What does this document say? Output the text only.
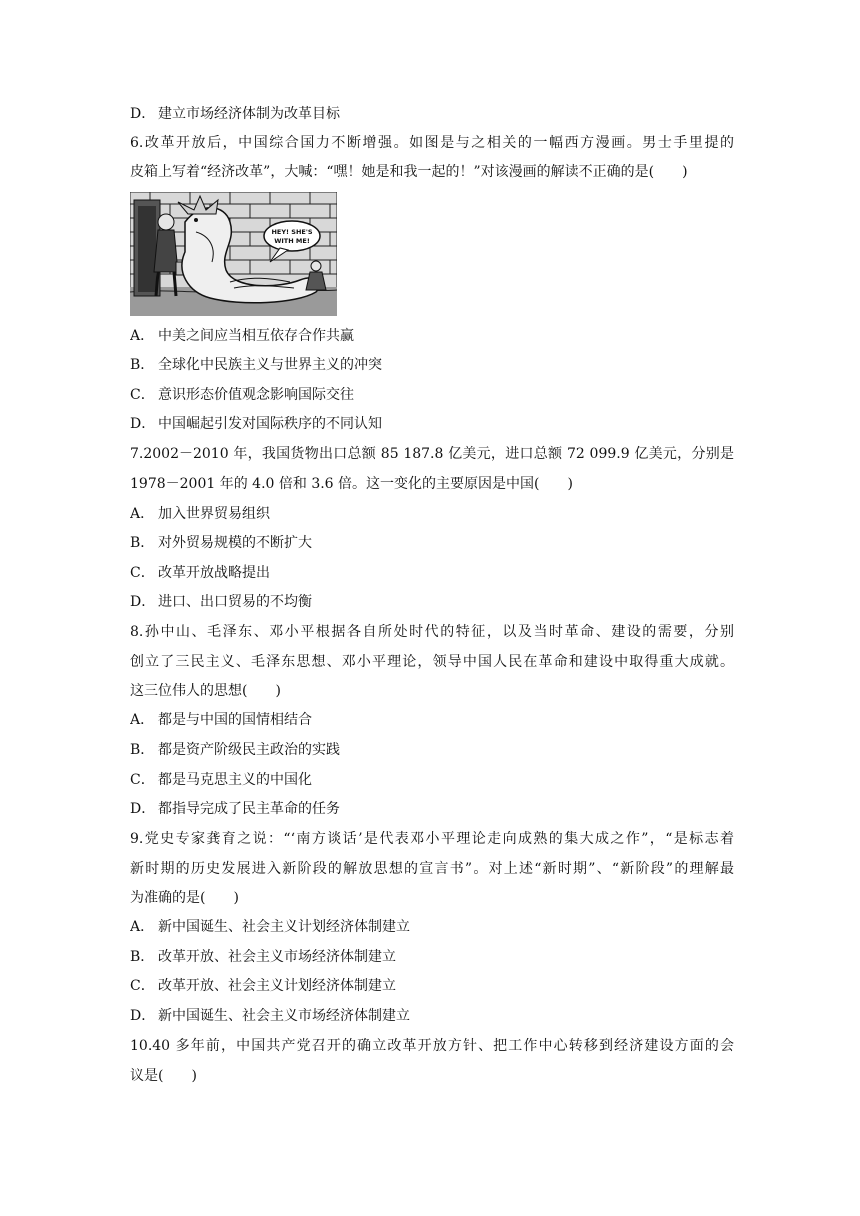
D． 建立市场经济体制为改革目标
6.改革开放后，中国综合国力不断增强。如图是与之相关的一幅西方漫画。男士手里提的
皮箱上写着“经济改革”，大喊：“嘿！她是和我一起的！”对该漫画的解读不正确的是(　　)
HEY! SHE'S
WITH ME!
A． 中美之间应当相互依存合作共赢
B． 全球化中民族主义与世界主义的冲突
C． 意识形态价值观念影响国际交往
D． 中国崛起引发对国际秩序的不同认知
7.2002－2010 年，我国货物出口总额 85 187.8 亿美元，进口总额 72 099.9 亿美元，分别是
1978－2001 年的 4.0 倍和 3.6 倍。这一变化的主要原因是中国(　　)
A． 加入世界贸易组织
B． 对外贸易规模的不断扩大
C． 改革开放战略提出
D． 进口、出口贸易的不均衡
8.孙中山、毛泽东、邓小平根据各自所处时代的特征，以及当时革命、建设的需要，分别
创立了三民主义、毛泽东思想、邓小平理论，领导中国人民在革命和建设中取得重大成就。
这三位伟人的思想(　　)
A． 都是与中国的国情相结合
B． 都是资产阶级民主政治的实践
C． 都是马克思主义的中国化
D． 都指导完成了民主革命的任务
9.党史专家龚育之说：“‘南方谈话’是代表邓小平理论走向成熟的集大成之作”，“是标志着
新时期的历史发展进入新阶段的解放思想的宣言书”。对上述“新时期”、“新阶段”的理解最
为准确的是(　　)
A． 新中国诞生、社会主义计划经济体制建立
B． 改革开放、社会主义市场经济体制建立
C． 改革开放、社会主义计划经济体制建立
D． 新中国诞生、社会主义市场经济体制建立
10.40 多年前，中国共产党召开的确立改革开放方针、把工作中心转移到经济建设方面的会
议是(　　)
